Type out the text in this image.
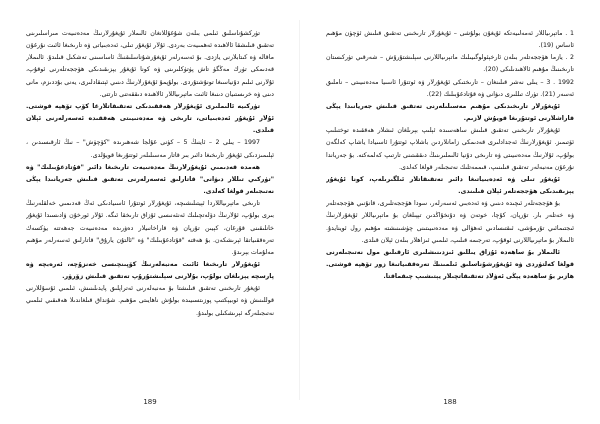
تۈركشۇناسلىق ئىلمى بىلەن شۇغۇللانغان ئالىملار ئۇيغۇرلارنىڭ مەدەنىيەت مىراسلىرىنى تەتقىق قىلىشقا ئالاھىدە ئەھمىيەت بەردى. ئۇلار ئۇيغۇر تىلى، ئەدەبىياتى ۋە تارىخىغا ئائىت نۇرغۇن ماقالە ۋە كىتابلارنى يازدى. بۇ ئەسەرلەر ئۇيغۇرشۇناسلىقنىڭ ئاساسىنى تەشكىل قىلىدۇ. ئالىملار قەدىمكى تۈرك مەڭگۈ تاش پۈتۈكلىرىنى ۋە كونا ئۇيغۇر يېزىقىدىكى ھۆججەتلەرنى ئوقۇپ، ئۇلارنى ئىلىم دۇنياسىغا تونۇشتۇردى. بولۇپمۇ ئۇيغۇرلارنىڭ دىنىي ئېتىقادلىرى، يەنى بۇددىزم، مانى دىنى ۋە خرىستىيان دىنىغا ئائىت ماتېرىياللار ئالاھىدە دىققەتنى تارتتى.

تۈركىيە ئالىملىرى ئۇيغۇرلار ھەققىدىكى تەتقىقاتلارغا كۆپ تۆھپە قوشتى. ئۇلار ئۇيغۇر ئەدەبىياتى، تارىخى ۋە مەدەنىيىتى ھەققىدە ئەسەرلەرنى ئېلان قىلدى.

1997 – يىلى 2 – ئاينىڭ 5 – كۈنى غۇلجا شەھىرىدە "كۆچۈش" – نىڭ ئارقىسىدىن ، ئېلىمىزدىكى ئۇيغۇر تارىخىغا دائىر بىر قاتار مەسىلىلەر ئوتتۇرىغا قويۇلدى.

ھەمدە قەدىمىي ئۇيغۇرلارنىڭ مەدەنىيەت تارىخىغا دائىر "قۇتادغۇبىلىك" ۋە "تۈركىي تىللار دىۋانى" قاتارلىق ئەسەرلەرنى تەتقىق قىلىش جەريانىدا يېڭى نەتىجىلەر قولغا كەلدى.

تارىخى ماتېرىياللاردا ئېيتىلىشىچە، ئۇيغۇرلار ئوتتۇرا ئاسىيادىكى ئەڭ قەدىمىي خەلقلەرنىڭ بىرى بولۇپ، ئۇلارنىڭ دۆلەتچىلىك ئەنئەنىسى ئۇزاق تارىخقا ئىگە. ئۇلار ئورخۇن ۋادىسىدا ئۇيغۇر خانلىقىنى قۇرغان، كېيىن تۇرپان ۋە قاراخانىيلار دەۋرىدە مەدەنىيەت جەھەتتە يۈكسەك تەرەققىياتقا ئېرىشكەن. بۇ ھەقتە "قۇتادغۇبىلىك" ۋە "ئالتۇن يارۇق" قاتارلىق ئەسەرلەر مۇھىم مەلۇمات بېرىدۇ.

ئۇيغۇرلار تارىخىغا ئائىت مەنبەلەرنىڭ كۆپىنچىسى خەنزۇچە، ئەرەبچە ۋە پارسچە يېزىلغان بولۇپ، بۇلارنى سېلىشتۇرۇپ تەتقىق قىلىش زۆرۈر.

ئۇيغۇر تارىخىنى تەتقىق قىلىشتا بۇ مەنبەلەرنى ئەتراپلىق پايدىلىنىش، ئىلمىي ئۇسۇللارنى قوللىنىش ۋە ئوبيېكتىپ پوزىتسىيىدە بولۇش ناھايىتى مۇھىم. شۇنداق قىلغاندىلا ھەقىقىي ئىلمىي نەتىجىلەرگە ئېرىشكىلى بولىدۇ.

189

1 . ماتېرىياللار ئەمەلىيەتكە ئۇيغۇن بولۇشى – ئۇيغۇرلار تارىخىنى تەتقىق قىلىش ئۈچۈن مۇھىم ئاساس (19).

2 . يازما ھۆججەتلەر بىلەن ئارخېئولوگىيىلىك ماتېرىياللارنى سېلىشتۇرۇش – شەرقىي تۈركىستان تارىخىنىڭ مۇھىم ئالاھىدىلىكى (20).

1992 . 3 – يىلى نەشر قىلىنغان – تارىختىكى ئۇيغۇرلار ۋە ئوتتۇرا ئاسىيا مەدەنىيىتى – ناملىق ئەسەر (21). تۈرك تىللىرى دىۋانى ۋە قۇتادغۇبىلىك (22).

ئۇيغۇرلار تارىخىدىكى مۇھىم مەسىلىلەرنى تەتقىق قىلىش جەريانىدا يېڭى قاراشلارنى ئوتتۇرىغا قويۇش لازىم.

ئۇيغۇرلار تارىخىنى تەتقىق قىلىش ساھەسىدە ئېلىپ بېرىلغان ئىشلار ھەققىدە توختىلىپ ئۆتىمىز. ئۇيغۇرلارنىڭ ئەجدادلىرى قەدىمكى زامانلاردىن باشلاپ ئوتتۇرا ئاسىيادا ياشاپ كەلگەن بولۇپ، ئۇلارنىڭ مەدەنىيىتى ۋە تارىخى دۇنيا ئالىملىرىنىڭ دىققىتىنى تارتىپ كەلمەكتە. بۇ جەرياندا نۇرغۇن مەنبەلەر تەتقىق قىلىنىپ، قىممەتلىك نەتىجىلەر قولغا كەلدى.

ئۇيغۇر تىلى ۋە ئەدەبىياتىغا دائىر تەتقىقاتلار ئىلگىرىلەپ، كونا ئۇيغۇر يېزىقىدىكى ھۆججەتلەر ئېلان قىلىندى.

بۇ ھۆججەتلەر ئىچىدە دىنىي ۋە ئەدەبىي ئەسەرلەر، سودا ھۆججەتلىرى، قانۇنىي ھۆججەتلەر ۋە خەتلەر بار. تۇرپان، كۇچا، خوتەن ۋە دۇنخۇاڭدىن تېپىلغان بۇ ماتېرىياللار ئۇيغۇرلارنىڭ ئىجتىمائىي تۇرمۇشى، ئىقتىسادىي ئەھۋالى ۋە مەدەنىيىتىنى چۈشىنىشتە مۇھىم رول ئوينايدۇ. ئالىملار بۇ ماتېرىياللارنى ئوقۇپ، تەرجىمە قىلىپ، ئىلمىي ئىزاھلار بىلەن ئېلان قىلدى.

ئالىملار بۇ ساھەدە ئۇزاق يىللىق ئىزدىنىشلىرى ئارقىلىق مول نەتىجىلەرنى قولغا كەلتۈردى ۋە ئۇيغۇرشۇناسلىق ئىلمىنىڭ تەرەققىياتىغا زور تۆھپە قوشتى. ھازىر بۇ ساھەدە يېڭى ئەۋلاد تەتقىقاتچىلار يېتىشىپ چىقماقتا.

188
